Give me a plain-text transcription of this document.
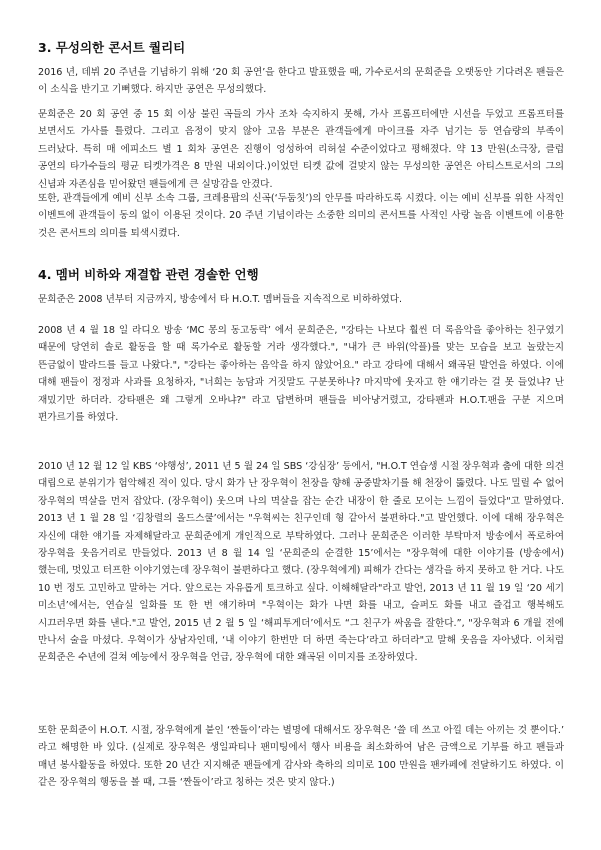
3. 무성의한 콘서트 퀄리티

2016 년, 데뷔 20 주년을 기념하기 위해 ‘20 회 공연’을 한다고 발표했을 때, 가수로서의 문희준을 오랫동안 기다려온 팬들은 이 소식을 반기고 기뻐했다. 하지만 공연은 무성의했다.

문희준은 20 회 공연 중 15 회 이상 불린 곡들의 가사 조차 숙지하지 못해, 가사 프롬프터에만 시선을 두었고 프롬프터를 보면서도 가사를 틀렸다. 그리고 음정이 맞지 않아 고음 부분은 관객들에게 마이크를 자주 넘기는 등 연습량의 부족이 드러났다. 특히 매 에피소드 별 1 회차 공연은 진행이 엉성하여 리허설 수준이었다고 평해졌다. 약 13 만원(소극장, 클럽 공연의 타가수들의 평균 티켓가격은 8 만원 내외이다.)이었던 티켓 값에 걸맞지 않는 무성의한 공연은 아티스트로서의 그의 신념과 자존심을 믿어왔던 팬들에게 큰 실망감을 안겼다.

또한, 관객들에게 예비 신부 소속 그룹, 크레용팝의 신곡(‘두둠칫’)의 안무를 따라하도록 시켰다. 이는 예비 신부를 위한 사적인 이벤트에 관객들이 동의 없이 이용된 것이다. 20 주년 기념이라는 소중한 의미의 콘서트를 사적인 사랑 놀음 이벤트에 이용한 것은 콘서트의 의미를 퇴색시켰다.

4. 멤버 비하와 재결합 관련 경솔한 언행

문희준은 2008 년부터 지금까지, 방송에서 타 H.O.T. 멤버들을 지속적으로 비하하였다.

2008 년 4 월 18 일 라디오 방송 ‘MC 몽의 동고동락’ 에서 문희준은, "강타는 나보다 훨씬 더 록음악을 좋아하는 친구였기 때문에 당연히 솔로 활동을 할 때 록가수로 활동할 거라 생각했다.", "내가 큰 바위(악플)를 맞는 모습을 보고 놀랐는지 뜬금없이 발라드를 들고 나왔다.", "강타는 좋아하는 음악을 하지 않았어요." 라고 강타에 대해서 왜곡된 발언을 하였다. 이에 대해 팬들이 정정과 사과를 요청하자, "너희는 농담과 거짓말도 구분못하나? 마지막에 웃자고 한 얘기라는 걸 못 들었냐? 난 재밌기만 하더라. 강타팬은 왜 그렇게 오바냐?" 라고 답변하며 팬들을 비아냥거렸고, 강타팬과 H.O.T.팬을 구분 지으며 편가르기를 하였다.

2010 년 12 월 12 일 KBS ‘야행성’, 2011 년 5 월 24 일 SBS ‘강심장’ 등에서, "H.O.T 연습생 시절 장우혁과 춤에 대한 의견 대립으로 분위기가 험악해진 적이 있다. 당시 화가 난 장우혁이 천장을 향해 공중발차기를 해 천장이 뚫렸다. 나도 밀릴 수 없어 장우혁의 멱살을 먼저 잡았다. (장우혁이) 웃으며 나의 멱살을 잡는 순간 내장이 한 줄로 모이는 느낌이 들었다"고 말하였다. 2013 년 1 월 28 일 ‘김창렬의 올드스쿨’에서는 "우혁씨는 친구인데 형 같아서 불편하다."고 발언했다. 이에 대해 장우혁은 자신에 대한 얘기를 자제해달라고 문희준에게 개인적으로 부탁하였다. 그러나 문희준은 이러한 부탁마저 방송에서 폭로하여 장우혁을 웃음거리로 만들었다. 2013 년 8 월 14 일 ‘문희준의 순결한 15’에서는 "장우혁에 대한 이야기를 (방송에서) 했는데, 멋있고 터프한 이야기였는데 장우혁이 불편하다고 했다. (장우혁에게) 피해가 간다는 생각을 하지 못하고 한 거다. 나도 10 번 정도 고민하고 말하는 거다. 앞으로는 자유롭게 토크하고 싶다. 이해해달라"라고 발언, 2013 년 11 월 19 일 ‘20 세기 미소년’에서는, 연습실 일화를 또 한 번 얘기하며 "우혁이는 화가 나면 화를 내고, 슬퍼도 화를 내고 즐겁고 행복해도 시끄러우면 화를 낸다."고 발언, 2015 년 2 월 5 일 ‘해피투게더’에서도 “그 친구가 싸움을 잘한다.”, "장우혁과 6 개월 전에 만나서 술을 마셨다. 우혁이가 상남자인데, ‘내 이야기 한번만 더 하면 죽는다’라고 하더라"고 말해 웃음을 자아냈다. 이처럼 문희준은 수년에 걸쳐 예능에서 장우혁을 언급, 장우혁에 대한 왜곡된 이미지를 조장하였다.

또한 문희준이 H.O.T. 시절, 장우혁에게 붙인 ‘짠돌이’라는 별명에 대해서도 장우혁은 ‘쓸 데 쓰고 아낄 데는 아끼는 것 뿐이다.’ 라고 해명한 바 있다. (실제로 장우혁은 생일파티나 팬미팅에서 행사 비용을 최소화하여 남은 금액으로 기부를 하고 팬들과 매년 봉사활동을 하였다. 또한 20 년간 지지해준 팬들에게 감사와 축하의 의미로 100 만원을 팬카페에 전달하기도 하였다. 이 같은 장우혁의 행동을 볼 때, 그를 ‘짠돌이’라고 칭하는 것은 맞지 않다.)
